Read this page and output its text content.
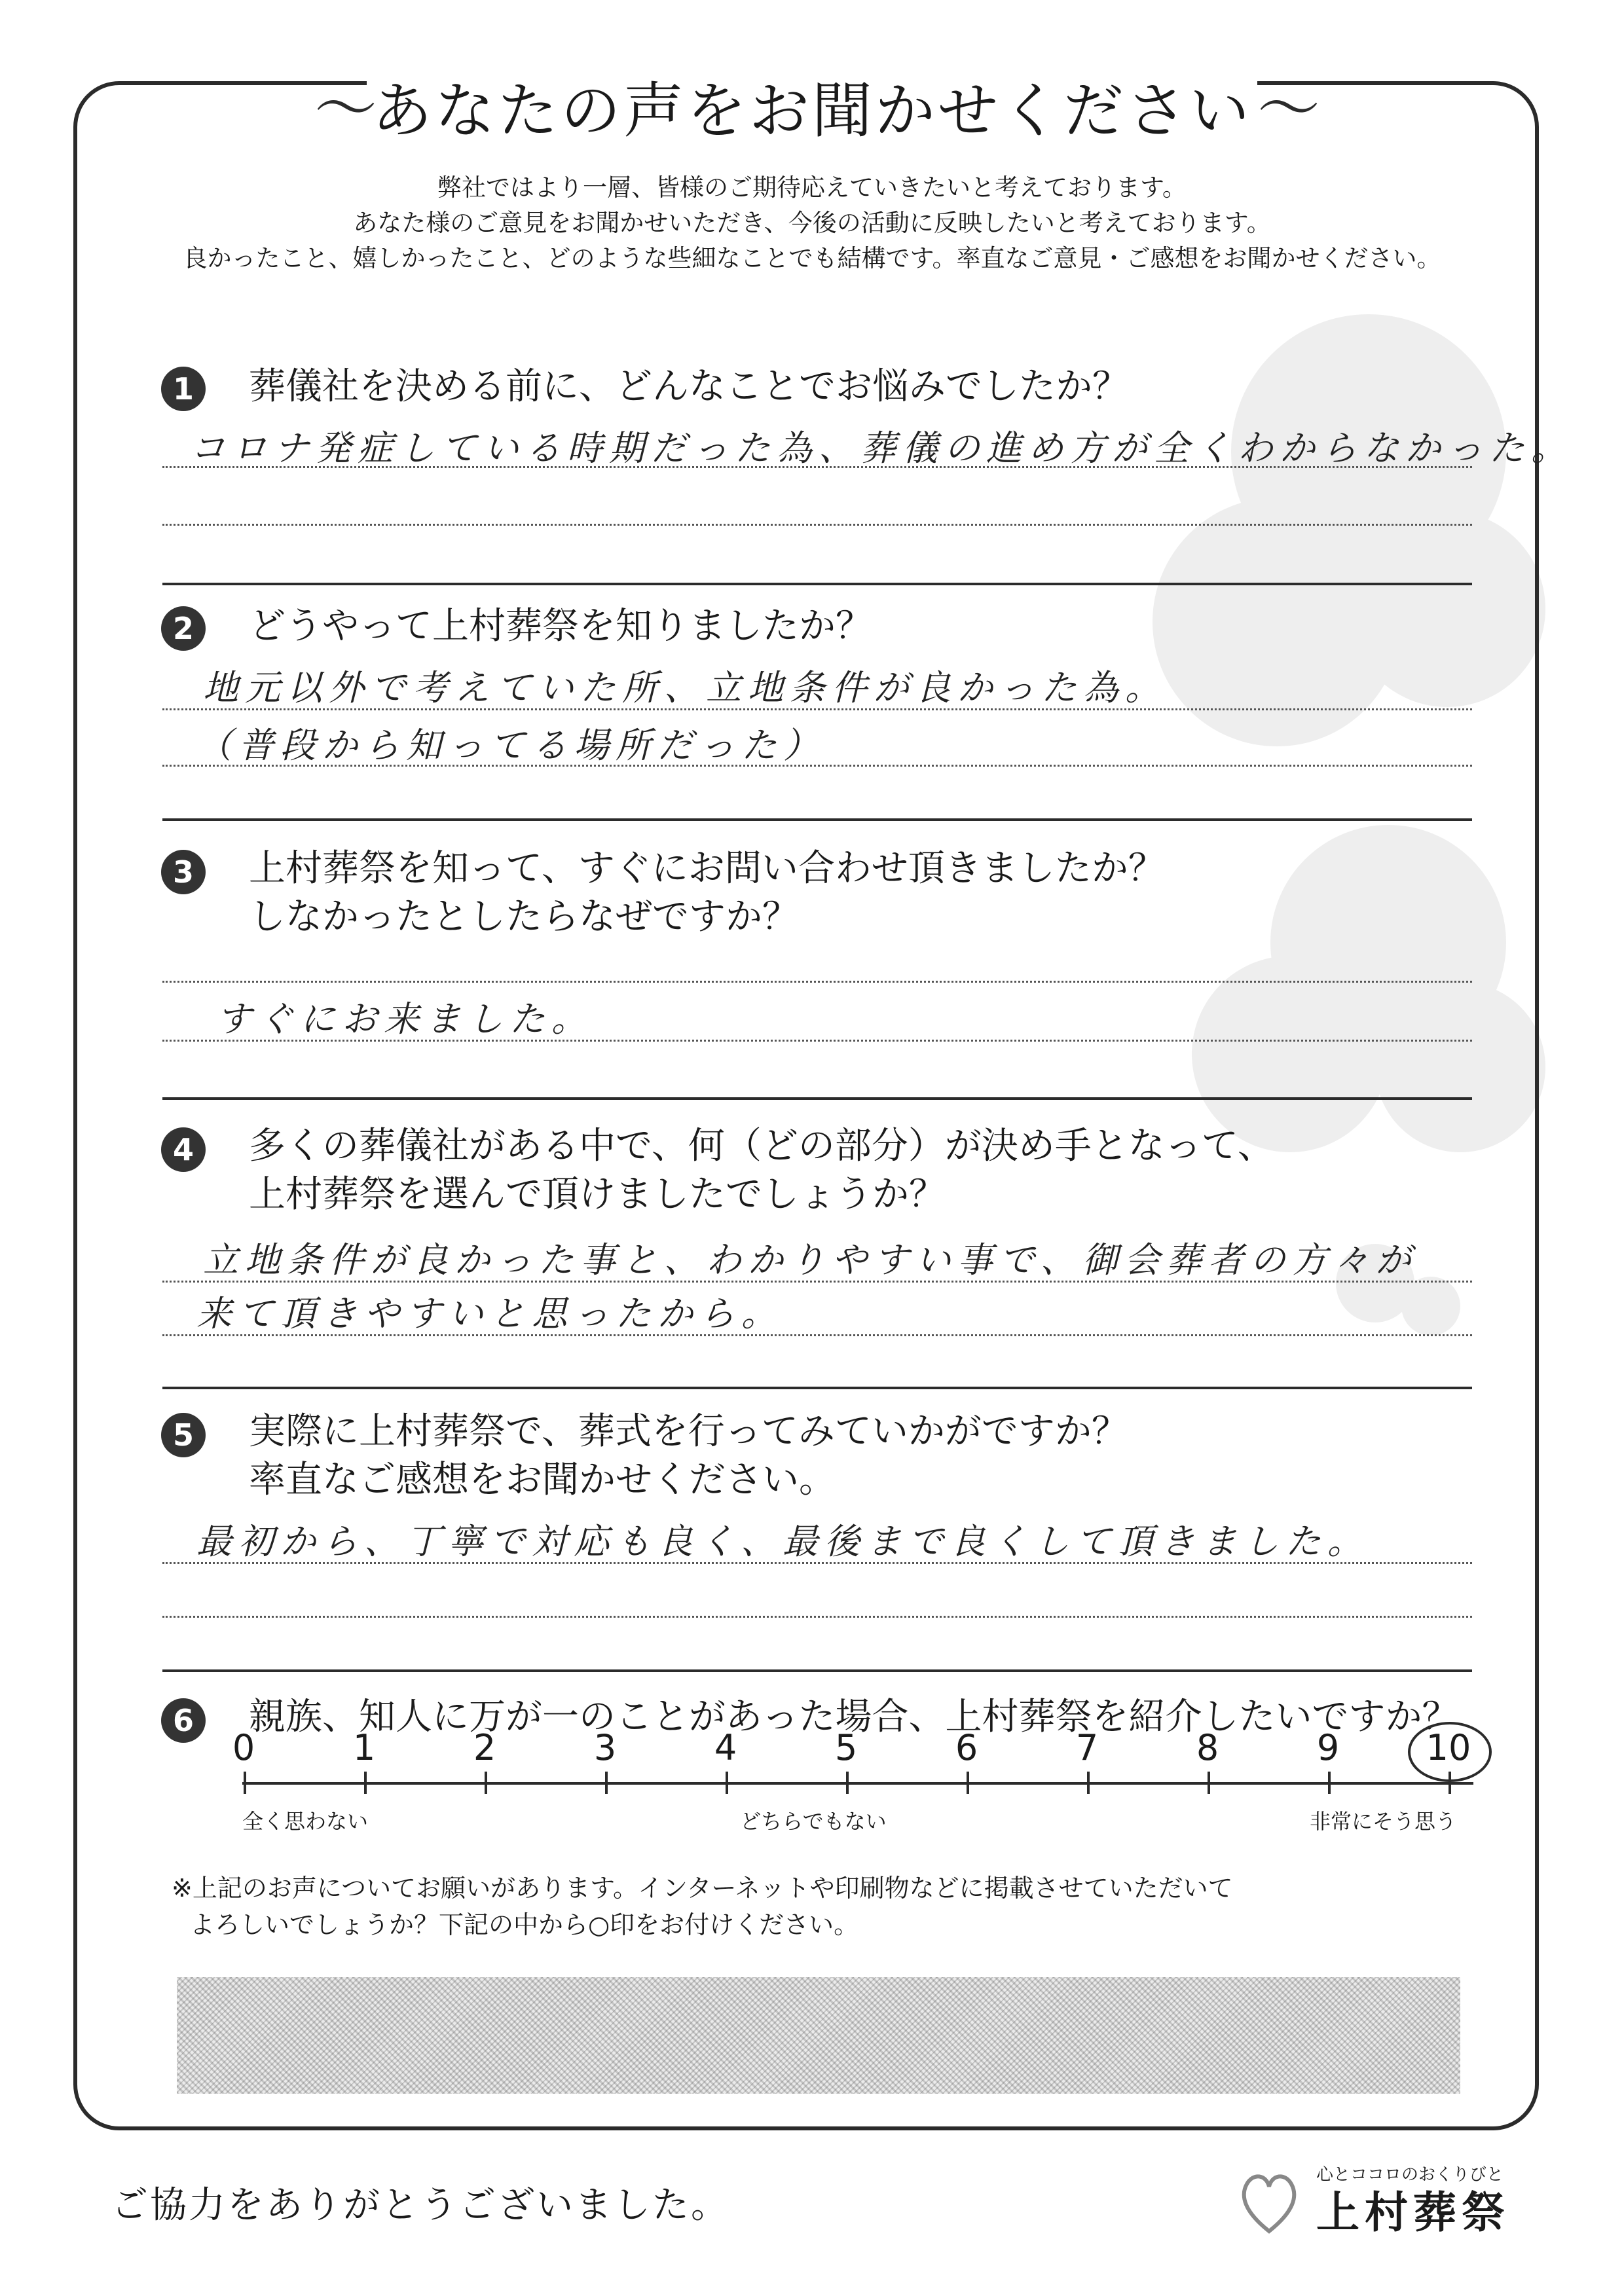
あなたの声をお聞かせください
〜	〜
弊社ではより一層、皆様のご期待応えていきたいと考えております。
あなた様のご意見をお聞かせいただき、今後の活動に反映したいと考えております。
良かったこと、嬉しかったこと、どのような些細なことでも結構です。率直なご意見・ご感想をお聞かせください。
1	葬儀社を決める前に、どんなことでお悩みでしたか？
コロナ発症している時期だった為、葬儀の進め方が全くわからなかった。
2	どうやって上村葬祭を知りましたか？
地元以外で考えていた所、立地条件が良かった為。
（普段から知ってる場所だった）
3	上村葬祭を知って、すぐにお問い合わせ頂きましたか？
しなかったとしたらなぜですか？
すぐにお来ました。
4	多くの葬儀社がある中で、何（どの部分）が決め手となって、
上村葬祭を選んで頂けましたでしょうか？
立地条件が良かった事と、わかりやすい事で、御会葬者の方々が
来て頂きやすいと思ったから。
5	実際に上村葬祭で、葬式を行ってみていかがですか？
率直なご感想をお聞かせください。
最初から、丁寧で対応も良く、最後まで良くして頂きました。
6	親族、知人に万が一のことがあった場合、上村葬祭を紹介したいですか？
0	1	2	3	4	5	6	7	8	9	10
全く思わない	どちらでもない	非常にそう思う
※上記のお声についてお願いがあります。インターネットや印刷物などに掲載させていただいて
よろしいでしょうか？下記の中から○印をお付けください。
ご協力をありがとうございました。
心とココロのおくりびと
上村葬祭
